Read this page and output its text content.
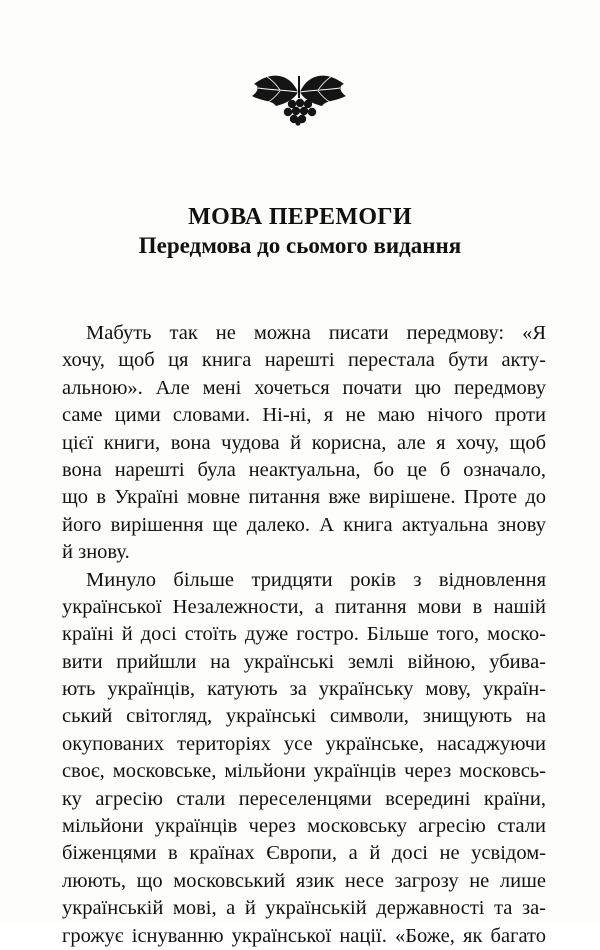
МОВА ПЕРЕМОГИ
Передмова до сьомого видання
Мабуть так не можна писати передмову: «Я
хочу, щоб ця книга нарешті перестала бути акту-
альною». Але мені хочеться почати цю передмову
саме цими словами. Ні-ні, я не маю нічого проти
цієї книги, вона чудова й корисна, але я хочу, щоб
вона нарешті була неактуальна, бо це б означало,
що в Україні мовне питання вже вирішене. Проте до
його вирішення ще далеко. А книга актуальна знову
й знову.
Минуло більше тридцяти років з відновлення
української Незалежности, а питання мови в нашій
країні й досі стоїть дуже гостро. Більше того, моско-
вити прийшли на українські землі війною, убива-
ють українців, катують за українську мову, україн-
ський світогляд, українські символи, знищують на
окупованих територіях усе українське, насаджуючи
своє, московське, мільйони українців через московсь-
ку агресію стали переселенцями всередині країни,
мільйони українців через московську агресію стали
біженцями в країнах Європи, а й досі не усвідом-
люють, що московський язик несе загрозу не лише
українській мові, а й українській державності та за-
грожує існуванню української нації. «Боже, як багато
